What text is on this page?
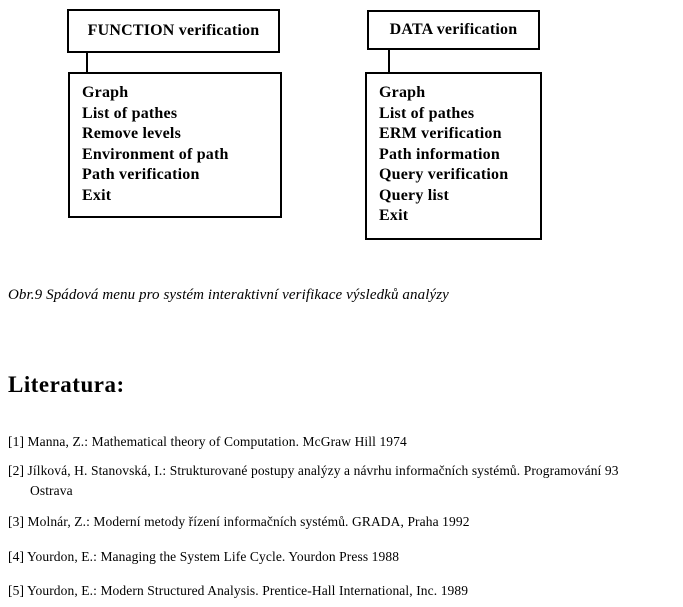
FUNCTION verification
Graph
List of pathes
Remove levels
Environment of path
Path verification
Exit
DATA verification
Graph
List of pathes
ERM verification
Path information
Query verification
Query list
Exit
Obr.9 Spádová menu pro systém interaktivní verifikace výsledků analýzy
Literatura:
[1] Manna, Z.: Mathematical theory of Computation. McGraw Hill 1974
[2] Jílková, H. Stanovská, I.: Strukturované postupy analýzy a návrhu informačních systémů. Programování 93
Ostrava
[3] Molnár, Z.: Moderní metody řízení informačních systémů. GRADA, Praha 1992
[4] Yourdon, E.: Managing the System Life Cycle. Yourdon Press 1988
[5] Yourdon, E.: Modern Structured Analysis. Prentice-Hall International, Inc. 1989
